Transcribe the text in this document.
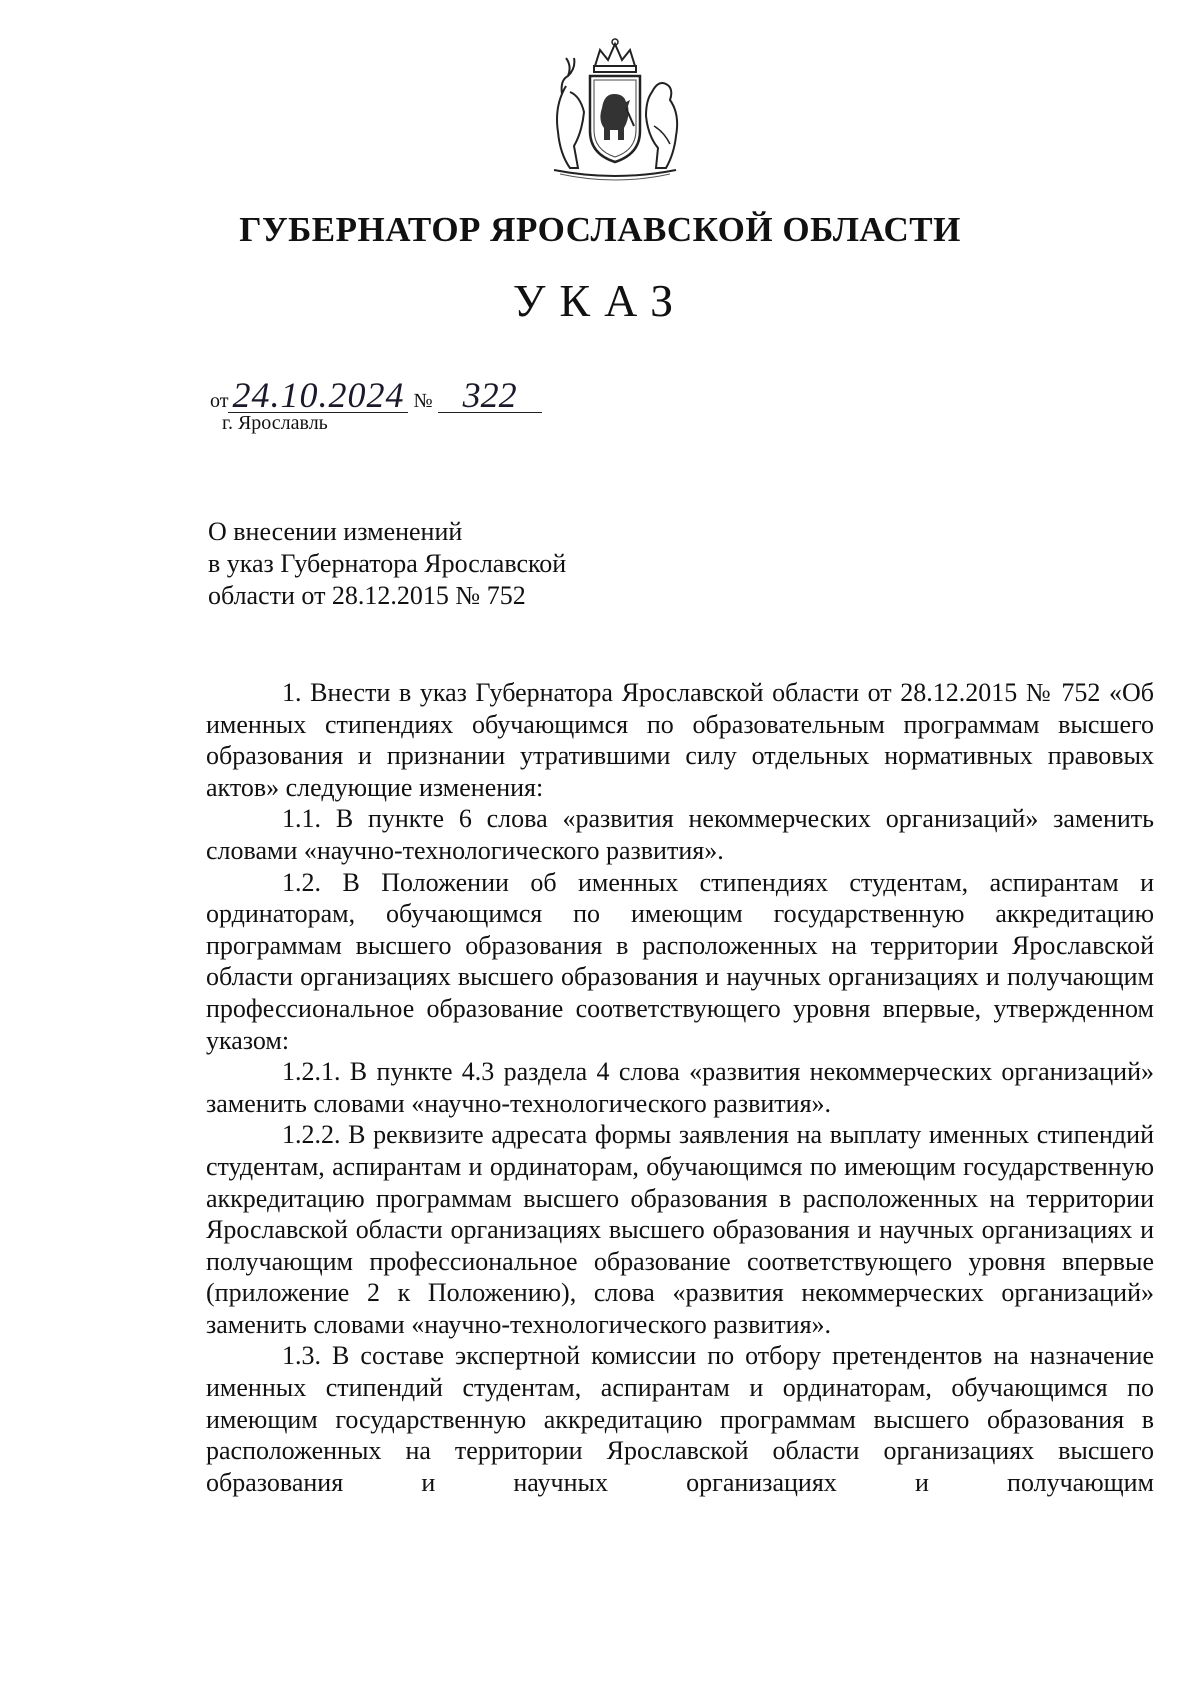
ГУБЕРНАТОР ЯРОСЛАВСКОЙ ОБЛАСТИ
УКАЗ
от 24.10.2024 № 322
г. Ярославль
О внесении изменений
в указ Губернатора Ярославской
области от 28.12.2015 № 752

1. Внести в указ Губернатора Ярославской области от 28.12.2015 № 752 «Об именных стипендиях обучающимся по образовательным программам высшего образования и признании утратившими силу отдельных нормативных правовых актов» следующие изменения:

1.1. В пункте 6 слова «развития некоммерческих организаций» заменить словами «научно-технологического развития».

1.2. В Положении об именных стипендиях студентам, аспирантам и ординаторам, обучающимся по имеющим государственную аккредитацию программам высшего образования в расположенных на территории Ярославской области организациях высшего образования и научных организациях и получающим профессиональное образование соответствующего уровня впервые, утвержденном указом:

1.2.1. В пункте 4.3 раздела 4 слова «развития некоммерческих организаций» заменить словами «научно-технологического развития».

1.2.2. В реквизите адресата формы заявления на выплату именных стипендий студентам, аспирантам и ординаторам, обучающимся по имеющим государственную аккредитацию программам высшего образования в расположенных на территории Ярославской области организациях высшего образования и научных организациях и получающим профессиональное образование соответствующего уровня впервые (приложение 2 к Положению), слова «развития некоммерческих организаций» заменить словами «научно-технологического развития».

1.3. В составе экспертной комиссии по отбору претендентов на назначение именных стипендий студентам, аспирантам и ординаторам, обучающимся по имеющим государственную аккредитацию программам высшего образования в расположенных на территории Ярославской области организациях высшего образования и научных организациях и получающим
